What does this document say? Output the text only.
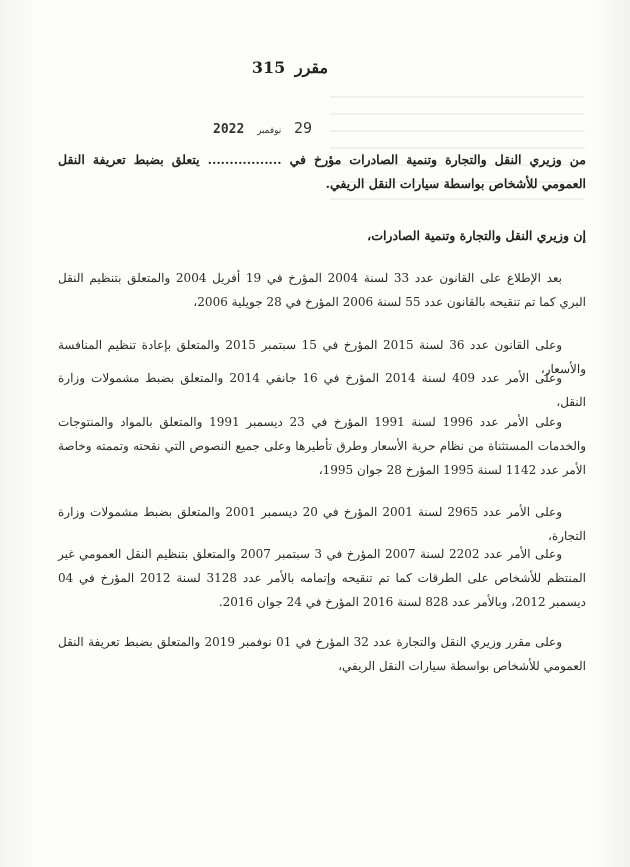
مقرر 315
29 نوفمبر 2022
من وزيري النقل والتجارة وتنمية الصادرات مؤرخ في ................. يتعلق بضبط تعريفة النقل العمومي للأشخاص بواسطة سيارات النقل الريفي.
إن وزيري النقل والتجارة وتنمية الصادرات،

بعد الإطلاع على القانون عدد 33 لسنة 2004 المؤرخ في 19 أفريل 2004 والمتعلق بتنظيم النقل البري كما تم تنقيحه بالقانون عدد 55 لسنة 2006 المؤرخ في 28 جويلية 2006،

وعلى القانون عدد 36 لسنة 2015 المؤرخ في 15 سبتمبر 2015 والمتعلق بإعادة تنظيم المنافسة والأسعار،

وعلى الأمر عدد 409 لسنة 2014 المؤرخ في 16 جانفي 2014 والمتعلق بضبط مشمولات وزارة النقل،

وعلى الأمر عدد 1996 لسنة 1991 المؤرخ في 23 ديسمبر 1991 والمتعلق بالمواد والمنتوجات والخدمات المستثناة من نظام حرية الأسعار وطرق تأطيرها وعلى جميع النصوص التي نقحته وتممته وخاصة الأمر عدد 1142 لسنة 1995 المؤرخ 28 جوان 1995،

وعلى الأمر عدد 2965 لسنة 2001 المؤرخ في 20 ديسمبر 2001 والمتعلق بضبط مشمولات وزارة التجارة،

وعلى الأمر عدد 2202 لسنة 2007 المؤرخ في 3 سبتمبر 2007 والمتعلق بتنظيم النقل العمومي غير المنتظم للأشخاص على الطرقات كما تم تنقيحه وإتمامه بالأمر عدد 3128 لسنة 2012 المؤرخ في 04 ديسمبر 2012، وبالأمر عدد 828 لسنة 2016 المؤرخ في 24 جوان 2016.

وعلى مقرر وزيري النقل والتجارة عدد 32 المؤرخ في 01 نوفمبر 2019 والمتعلق بضبط تعريفة النقل العمومي للأشخاص بواسطة سيارات النقل الريفي،
